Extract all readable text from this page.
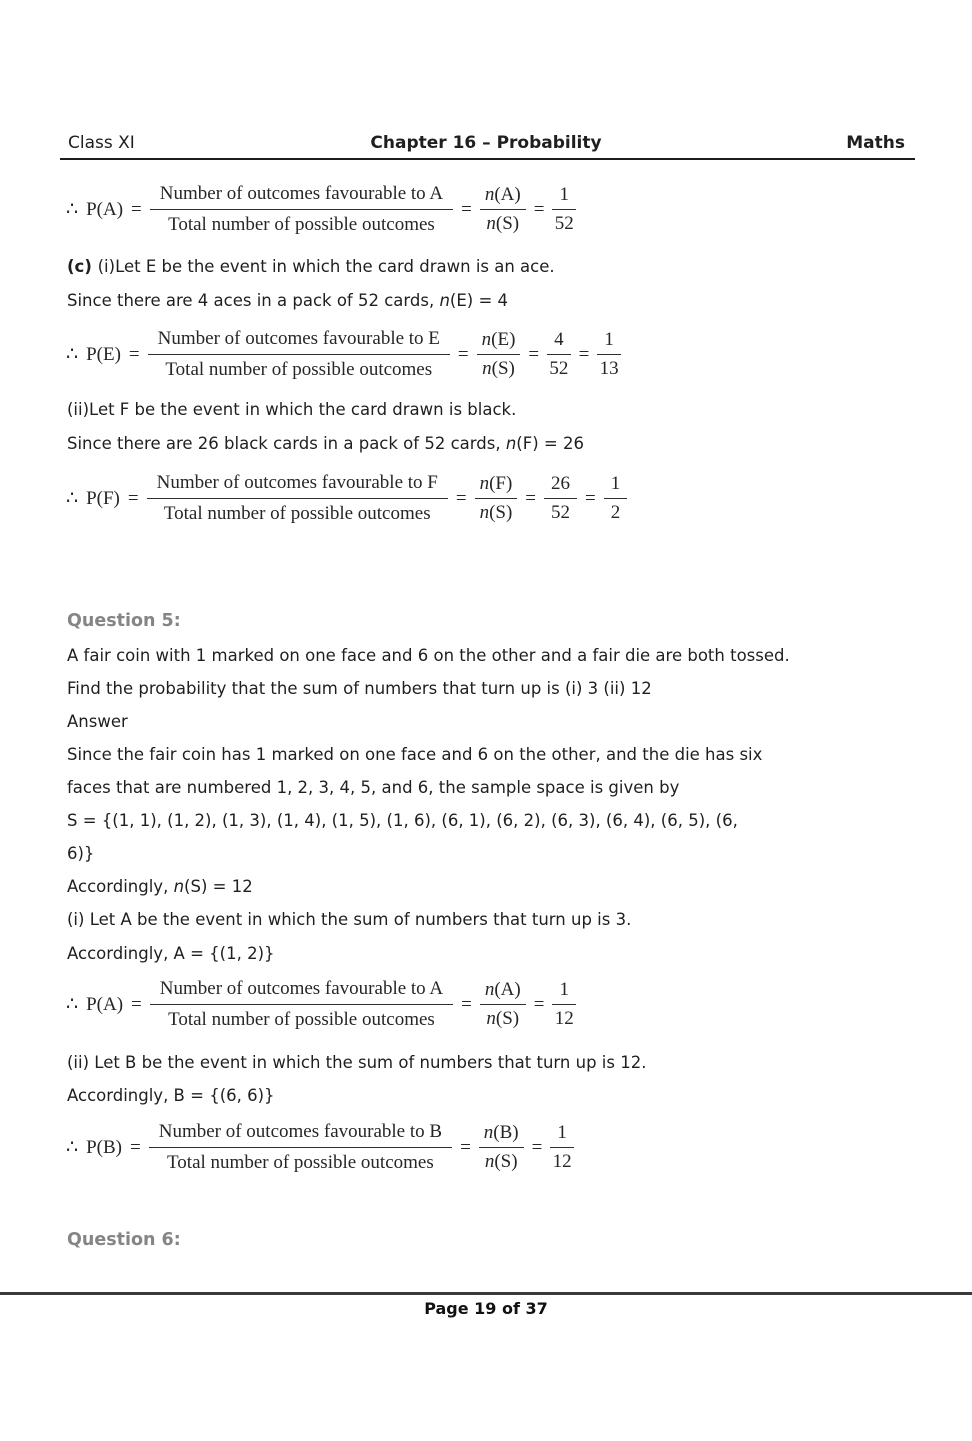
Class XI	Chapter 16 – Probability	Maths
∴ $P(A) = \frac{\text{Number of outcomes favourable to A}}{\text{Total number of possible outcomes}} = \frac{n(A)}{n(S)} = \frac{1}{52}$
(c) (i)Let E be the event in which the card drawn is an ace.
Since there are 4 aces in a pack of 52 cards, n(E) = 4
∴ $P(E) = \frac{\text{Number of outcomes favourable to E}}{\text{Total number of possible outcomes}} = \frac{n(E)}{n(S)} = \frac{4}{52} = \frac{1}{13}$
(ii)Let F be the event in which the card drawn is black.
Since there are 26 black cards in a pack of 52 cards, n(F) = 26
∴ $P(F) = \frac{\text{Number of outcomes favourable to F}}{\text{Total number of possible outcomes}} = \frac{n(F)}{n(S)} = \frac{26}{52} = \frac{1}{2}$
Question 5:
A fair coin with 1 marked on one face and 6 on the other and a fair die are both tossed.
Find the probability that the sum of numbers that turn up is (i) 3 (ii) 12
Answer
Since the fair coin has 1 marked on one face and 6 on the other, and the die has six
faces that are numbered 1, 2, 3, 4, 5, and 6, the sample space is given by
S = {(1, 1), (1, 2), (1, 3), (1, 4), (1, 5), (1, 6), (6, 1), (6, 2), (6, 3), (6, 4), (6, 5), (6,
6)}
Accordingly, n(S) = 12
(i) Let A be the event in which the sum of numbers that turn up is 3.
Accordingly, A = {(1, 2)}
∴ $P(A) = \frac{\text{Number of outcomes favourable to A}}{\text{Total number of possible outcomes}} = \frac{n(A)}{n(S)} = \frac{1}{12}$
(ii) Let B be the event in which the sum of numbers that turn up is 12.
Accordingly, B = {(6, 6)}
∴ $P(B) = \frac{\text{Number of outcomes favourable to B}}{\text{Total number of possible outcomes}} = \frac{n(B)}{n(S)} = \frac{1}{12}$
Question 6:
Page 19 of 37
